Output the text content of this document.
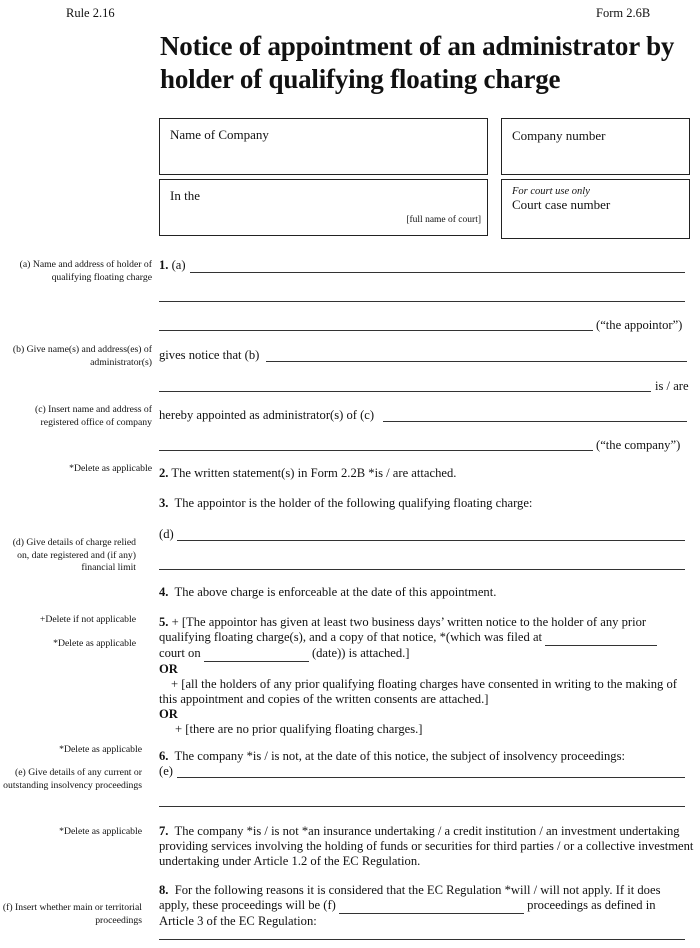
Rule 2.16	Form 2.6B
Notice of appointment of an administrator by holder of qualifying floating charge
Name of Company	Company number
In the
[full name of court]
For court use only
Court case number
(a) Name and address of holder of qualifying floating charge
(b) Give name(s) and address(es) of administrator(s)
(c) Insert name and address of registered office of company
*Delete as applicable
(d) Give details of charge relied on, date registered and (if any) financial limit
+Delete if not applicable
*Delete as applicable
*Delete as applicable
(e) Give details of any current or outstanding insolvency proceedings
*Delete as applicable
(f) Insert whether main or territorial proceedings
1. (a)
(“the appointor”)
gives notice that (b)
is / are
hereby appointed as administrator(s) of (c)
(“the company”)
2. The written statement(s) in Form 2.2B *is / are attached.
3. The appointor is the holder of the following qualifying floating charge:
(d)
4. The above charge is enforceable at the date of this appointment.
5. + [The appointor has given at least two business days’ written notice to the holder of any prior qualifying floating charge(s), and a copy of that notice, *(which was filed at
court on	(date)) is attached.]
OR
+ [all the holders of any prior qualifying floating charges have consented in writing to the making of this appointment and copies of the written consents are attached.]
OR
+ [there are no prior qualifying floating charges.]
6. The company *is / is not, at the date of this notice, the subject of insolvency proceedings:
(e)
7. The company *is / is not *an insurance undertaking / a credit institution / an investment undertaking providing services involving the holding of funds or securities for third parties / or a collective investment undertaking under Article 1.2 of the EC Regulation.
8. For the following reasons it is considered that the EC Regulation *will / will not apply. If it does apply, these proceedings will be (f)	proceedings as defined in Article 3 of the EC Regulation:
